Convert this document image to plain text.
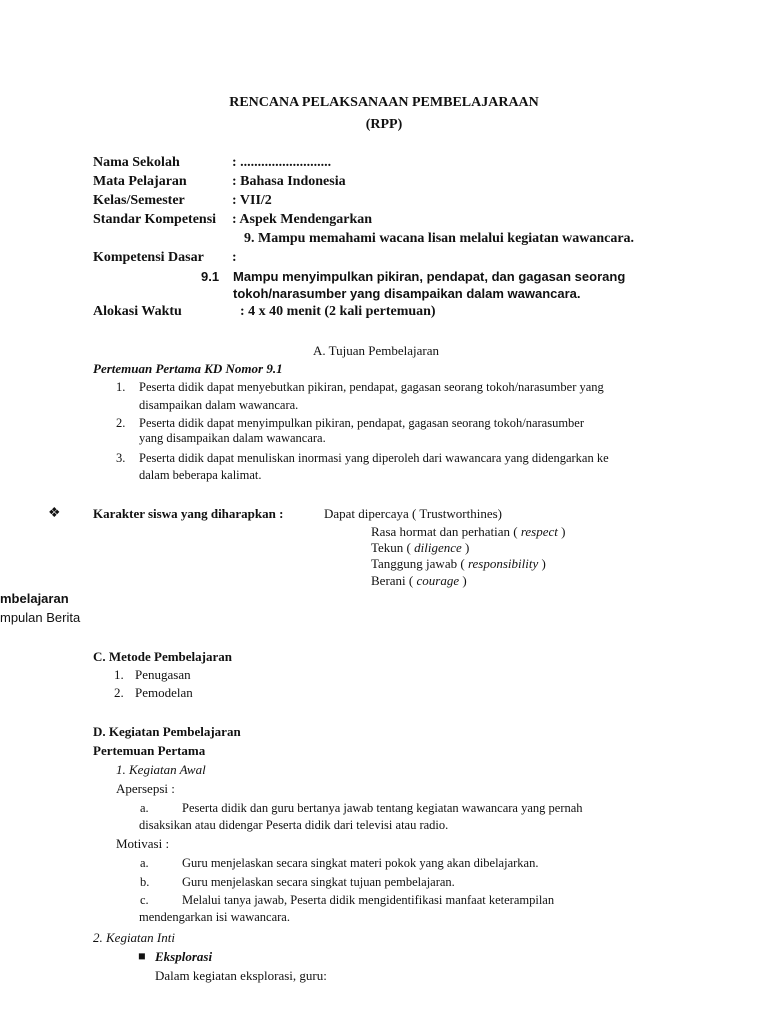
RENCANA PELAKSANAAN PEMBELAJARAAN
(RPP)
Nama Sekolah	: ..........................
Mata Pelajaran	: Bahasa Indonesia
Kelas/Semester	: VII/2
Standar Kompetensi : Aspek Mendengarkan
9. Mampu memahami wacana lisan melalui kegiatan wawancara.
Kompetensi Dasar :
9.1 Mampu menyimpulkan pikiran, pendapat, dan gagasan seorang
tokoh/narasumber yang disampaikan dalam wawancara.
Alokasi Waktu	: 4 x 40 menit (2 kali pertemuan)
A. Tujuan Pembelajaran
Pertemuan Pertama KD Nomor 9.1
1. Peserta didik dapat menyebutkan pikiran, pendapat, gagasan seorang tokoh/narasumber yang
disampaikan dalam wawancara.
2. Peserta didik dapat menyimpulkan pikiran, pendapat, gagasan seorang tokoh/narasumber
yang disampaikan dalam wawancara.
3. Peserta didik dapat menuliskan inormasi yang diperoleh dari wawancara yang didengarkan ke
dalam beberapa kalimat.
❖ Karakter siswa yang diharapkan :	Dapat dipercaya ( Trustworthines)
Rasa hormat dan perhatian ( respect )
Tekun ( diligence )
Tanggung jawab ( responsibility )
Berani ( courage )
mbelajaran
mpulan Berita
C. Metode Pembelajaran
1. Penugasan
2. Pemodelan
D. Kegiatan Pembelajaran
Pertemuan Pertama
1. Kegiatan Awal
Apersepsi :
a.	Peserta didik dan guru bertanya jawab tentang kegiatan wawancara yang pernah
disaksikan atau didengar Peserta didik dari televisi atau radio.
Motivasi :
a.	Guru menjelaskan secara singkat materi pokok yang akan dibelajarkan.
b.	Guru menjelaskan secara singkat tujuan pembelajaran.
c.	Melalui tanya jawab, Peserta didik mengidentifikasi manfaat keterampilan
mendengarkan isi wawancara.
2. Kegiatan Inti
■ Eksplorasi
Dalam kegiatan eksplorasi, guru:
